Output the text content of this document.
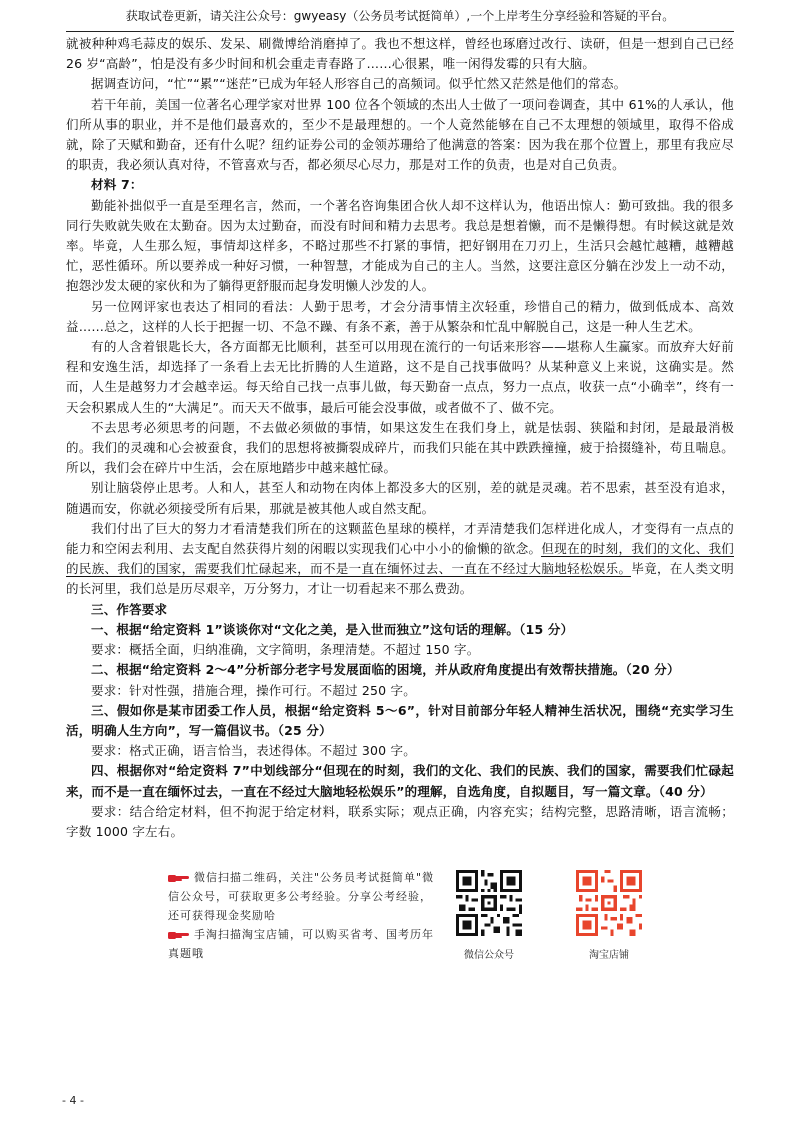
获取试卷更新，请关注公众号：gwyeasy（公务员考试挺简单）,一个上岸考生分享经验和答疑的平台。

就被种种鸡毛蒜皮的娱乐、发呆、刷微博给消磨掉了。我也不想这样，曾经也琢磨过改行、读研，但是一想到自己已经 26 岁“高龄”，怕是没有多少时间和机会重走青春路了……心很累，唯一闲得发霉的只有大脑。

据调查访问，“忙”“累”“迷茫”已成为年轻人形容自己的高频词。似乎忙然又茫然是他们的常态。

若干年前，美国一位著名心理学家对世界 100 位各个领域的杰出人士做了一项问卷调查，其中 61%的人承认，他们所从事的职业，并不是他们最喜欢的，至少不是最理想的。一个人竟然能够在自己不太理想的领域里，取得不俗成就，除了天赋和勤奋，还有什么呢？纽约证券公司的金领苏珊给了他满意的答案：因为我在那个位置上，那里有我应尽的职责，我必须认真对待，不管喜欢与否，都必须尽心尽力，那是对工作的负责，也是对自己负责。

材料 7：

勤能补拙似乎一直是至理名言，然而，一个著名咨询集团合伙人却不这样认为，他语出惊人：勤可致拙。我的很多同行失败就失败在太勤奋。因为太过勤奋，而没有时间和精力去思考。我总是想着懒，而不是懒得想。有时候这就是效率。毕竟，人生那么短，事情却这样多，不略过那些不打紧的事情，把好钢用在刀刃上，生活只会越忙越糟，越糟越忙，恶性循环。所以要养成一种好习惯，一种智慧，才能成为自己的主人。当然，这要注意区分躺在沙发上一动不动，抱怨沙发太硬的家伙和为了躺得更舒服而起身发明懒人沙发的人。

另一位网评家也表达了相同的看法：人勤于思考，才会分清事情主次轻重，珍惜自己的精力，做到低成本、高效益……总之，这样的人长于把握一切、不急不躁、有条不紊，善于从繁杂和忙乱中解脱自己，这是一种人生艺术。

有的人含着银匙长大，各方面都无比顺利，甚至可以用现在流行的一句话来形容——堪称人生赢家。而放弃大好前程和安逸生活，却选择了一条看上去无比折腾的人生道路，这不是自己找事做吗？从某种意义上来说，这确实是。然而，人生是越努力才会越幸运。每天给自己找一点事儿做，每天勤奋一点点，努力一点点，收获一点“小确幸”，终有一天会积累成人生的“大满足”。而天天不做事，最后可能会没事做，或者做不了、做不完。

不去思考必须思考的问题，不去做必须做的事情，如果这发生在我们身上，就是怯弱、狭隘和封闭，是最最消极的。我们的灵魂和心会被蚕食，我们的思想将被撕裂成碎片，而我们只能在其中跌跌撞撞，疲于拾掇缝补，苟且喘息。所以，我们会在碎片中生活，会在原地踏步中越来越忙碌。

别让脑袋停止思考。人和人，甚至人和动物在肉体上都没多大的区别，差的就是灵魂。若不思索，甚至没有追求，随遇而安，你就必须接受所有后果，那就是被其他人或自然支配。

我们付出了巨大的努力才看清楚我们所在的这颗蓝色星球的模样，才弄清楚我们怎样进化成人，才变得有一点点的能力和空闲去利用、去支配自然获得片刻的闲暇以实现我们心中小小的偷懒的欲念。但现在的时刻，我们的文化、我们的民族、我们的国家，需要我们忙碌起来，而不是一直在缅怀过去、一直在不经过大脑地轻松娱乐。毕竟，在人类文明的长河里，我们总是历尽艰辛，万分努力，才让一切看起来不那么费劲。

三、作答要求

一、根据“给定资料 1”谈谈你对“文化之美，是入世而独立”这句话的理解。（15 分）

要求：概括全面，归纳准确，文字简明，条理清楚。不超过 150 字。

二、根据“给定资料 2～4”分析部分老字号发展面临的困境，并从政府角度提出有效帮扶措施。（20 分）

要求：针对性强，措施合理，操作可行。不超过 250 字。

三、假如你是某市团委工作人员，根据“给定资料 5～6”，针对目前部分年轻人精神生活状况，围绕“充实学习生活，明确人生方向”，写一篇倡议书。（25 分）

要求：格式正确，语言恰当，表述得体。不超过 300 字。

四、根据你对“给定资料 7”中划线部分“但现在的时刻，我们的文化、我们的民族、我们的国家，需要我们忙碌起来，而不是一直在缅怀过去，一直在不经过大脑地轻松娱乐”的理解，自选角度，自拟题目，写一篇文章。（40 分）

要求：结合给定材料，但不拘泥于给定材料，联系实际；观点正确，内容充实；结构完整，思路清晰，语言流畅；字数 1000 字左右。

微信扫描二维码，关注"公务员考试挺简单"微信公众号，可获取更多公考经验。分享公考经验，还可获得现金奖励哈

手淘扫描淘宝店铺，可以购买省考、国考历年真题哦	微信公众号	淘宝店铺
- 4 -
